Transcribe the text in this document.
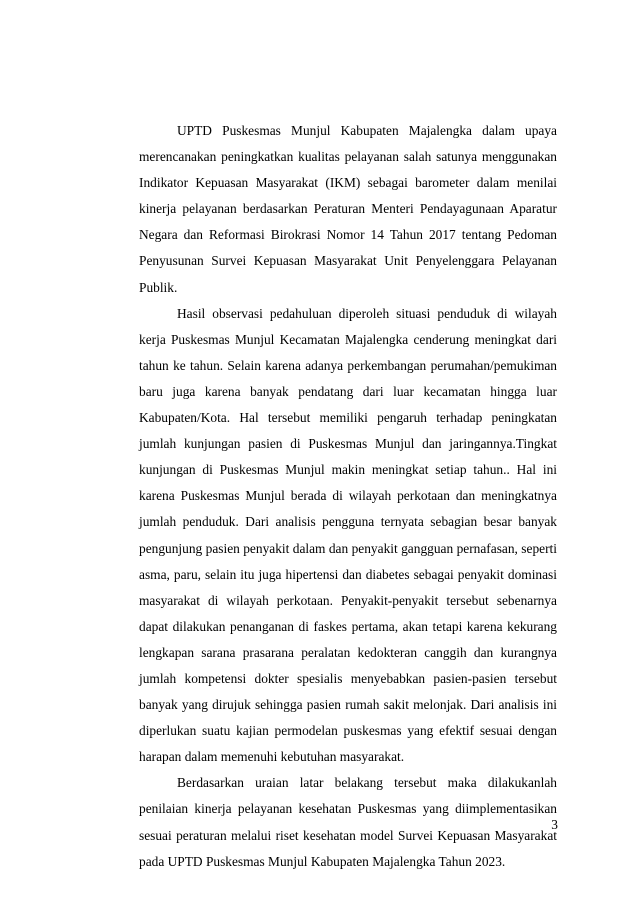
UPTD Puskesmas Munjul Kabupaten Majalengka dalam upaya merencanakan peningkatkan kualitas pelayanan salah satunya menggunakan Indikator Kepuasan Masyarakat (IKM) sebagai barometer dalam menilai kinerja pelayanan berdasarkan Peraturan Menteri Pendayagunaan Aparatur Negara dan Reformasi Birokrasi Nomor 14 Tahun 2017 tentang Pedoman Penyusunan Survei Kepuasan Masyarakat Unit Penyelenggara Pelayanan Publik.

Hasil observasi pedahuluan diperoleh situasi penduduk di wilayah kerja Puskesmas Munjul Kecamatan Majalengka cenderung meningkat dari tahun ke tahun. Selain karena adanya perkembangan perumahan/pemukiman baru juga karena banyak pendatang dari luar kecamatan hingga luar Kabupaten/Kota. Hal tersebut memiliki pengaruh terhadap peningkatan jumlah kunjungan pasien di Puskesmas Munjul dan jaringannya.Tingkat kunjungan di Puskesmas Munjul makin meningkat setiap tahun.. Hal ini karena Puskesmas Munjul berada di wilayah perkotaan dan meningkatnya jumlah penduduk. Dari analisis pengguna ternyata sebagian besar banyak pengunjung pasien penyakit dalam dan penyakit gangguan pernafasan, seperti asma, paru, selain itu juga hipertensi dan diabetes sebagai penyakit dominasi masyarakat di wilayah perkotaan. Penyakit-penyakit tersebut sebenarnya dapat dilakukan penanganan di faskes pertama, akan tetapi karena kekurang lengkapan sarana prasarana peralatan kedokteran canggih dan kurangnya jumlah kompetensi dokter spesialis menyebabkan pasien-pasien tersebut banyak yang dirujuk sehingga pasien rumah sakit melonjak. Dari analisis ini diperlukan suatu kajian permodelan puskesmas yang efektif sesuai dengan harapan dalam memenuhi kebutuhan masyarakat.

Berdasarkan uraian latar belakang tersebut maka dilakukanlah penilaian kinerja pelayanan kesehatan Puskesmas yang diimplementasikan sesuai peraturan melalui riset kesehatan model Survei Kepuasan Masyarakat pada UPTD Puskesmas Munjul Kabupaten Majalengka Tahun 2023.

3
